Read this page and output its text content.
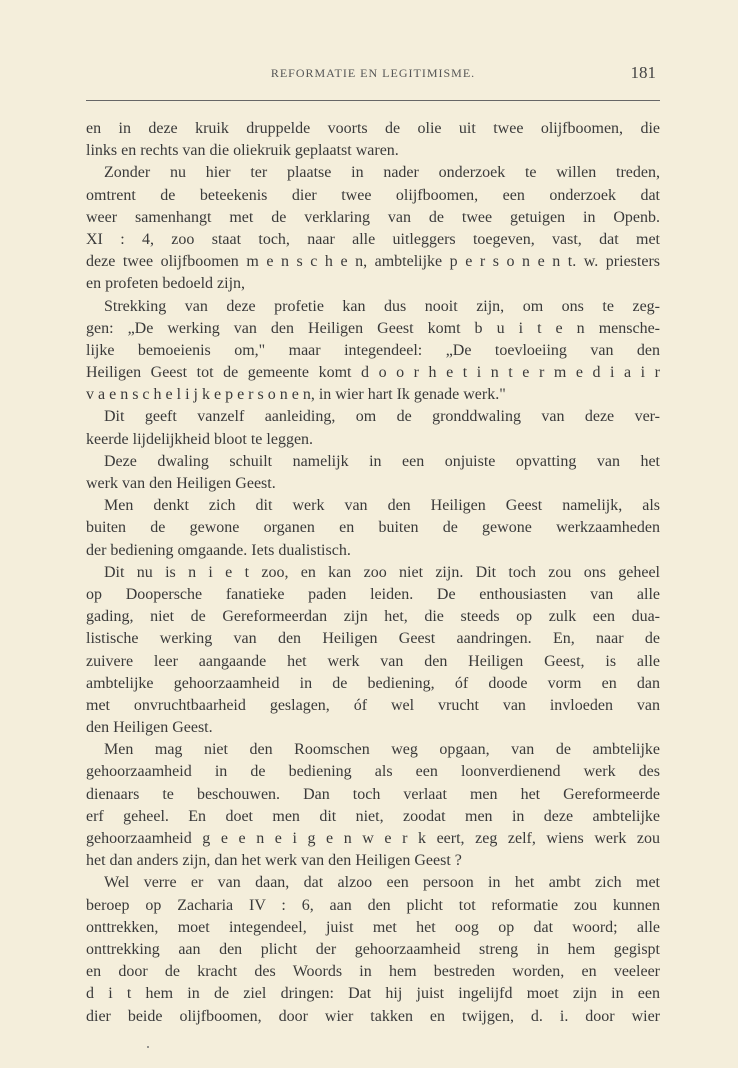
REFORMATIE EN LEGITIMISME.	181
en in deze kruik druppelde voorts de olie uit twee olijfboomen, die
links en rechts van die oliekruik geplaatst waren.
Zonder nu hier ter plaatse in nader onderzoek te willen treden,
omtrent de beteekenis dier twee olijfboomen, een onderzoek dat
weer samenhangt met de verklaring van de twee getuigen in Openb.
XI : 4, zoo staat toch, naar alle uitleggers toegeven, vast, dat met
deze twee olijfboomen m e n s c h e n, ambtelijke p e r s o n e n t. w. priesters
en profeten bedoeld zijn,
Strekking van deze profetie kan dus nooit zijn, om ons te zeg-
gen: „De werking van den Heiligen Geest komt b u i t e n mensche-
lijke bemoeienis om," maar integendeel: „De toevloeiing van den
Heiligen Geest tot de gemeente komt d o o r h e t i n t e r m e d i a i r
v a e n s c h e l i j k e p e r s o n e n, in wier hart Ik genade werk."
Dit geeft vanzelf aanleiding, om de gronddwaling van deze ver-
keerde lijdelijkheid bloot te leggen.
Deze dwaling schuilt namelijk in een onjuiste opvatting van het
werk van den Heiligen Geest.
Men denkt zich dit werk van den Heiligen Geest namelijk, als
buiten de gewone organen en buiten de gewone werkzaamheden
der bediening omgaande. Iets dualistisch.
Dit nu is n i e t zoo, en kan zoo niet zijn. Dit toch zou ons geheel
op Doopersche fanatieke paden leiden. De enthousiasten van alle
gading, niet de Gereformeerdan zijn het, die steeds op zulk een dua-
listische werking van den Heiligen Geest aandringen. En, naar de
zuivere leer aangaande het werk van den Heiligen Geest, is alle
ambtelijke gehoorzaamheid in de bediening, óf doode vorm en dan
met onvruchtbaarheid geslagen, óf wel vrucht van invloeden van
den Heiligen Geest.
Men mag niet den Roomschen weg opgaan, van de ambtelijke
gehoorzaamheid in de bediening als een loonverdienend werk des
dienaars te beschouwen. Dan toch verlaat men het Gereformeerde
erf geheel. En doet men dit niet, zoodat men in deze ambtelijke
gehoorzaamheid g e e n e i g e n w e r k eert, zeg zelf, wiens werk zou
het dan anders zijn, dan het werk van den Heiligen Geest ?
Wel verre er van daan, dat alzoo een persoon in het ambt zich met
beroep op Zacharia IV : 6, aan den plicht tot reformatie zou kunnen
onttrekken, moet integendeel, juist met het oog op dat woord; alle
onttrekking aan den plicht der gehoorzaamheid streng in hem gegispt
en door de kracht des Woords in hem bestreden worden, en veeleer
d i t hem in de ziel dringen: Dat hij juist ingelijfd moet zijn in een
dier beide olijfboomen, door wier takken en twijgen, d. i. door wier
